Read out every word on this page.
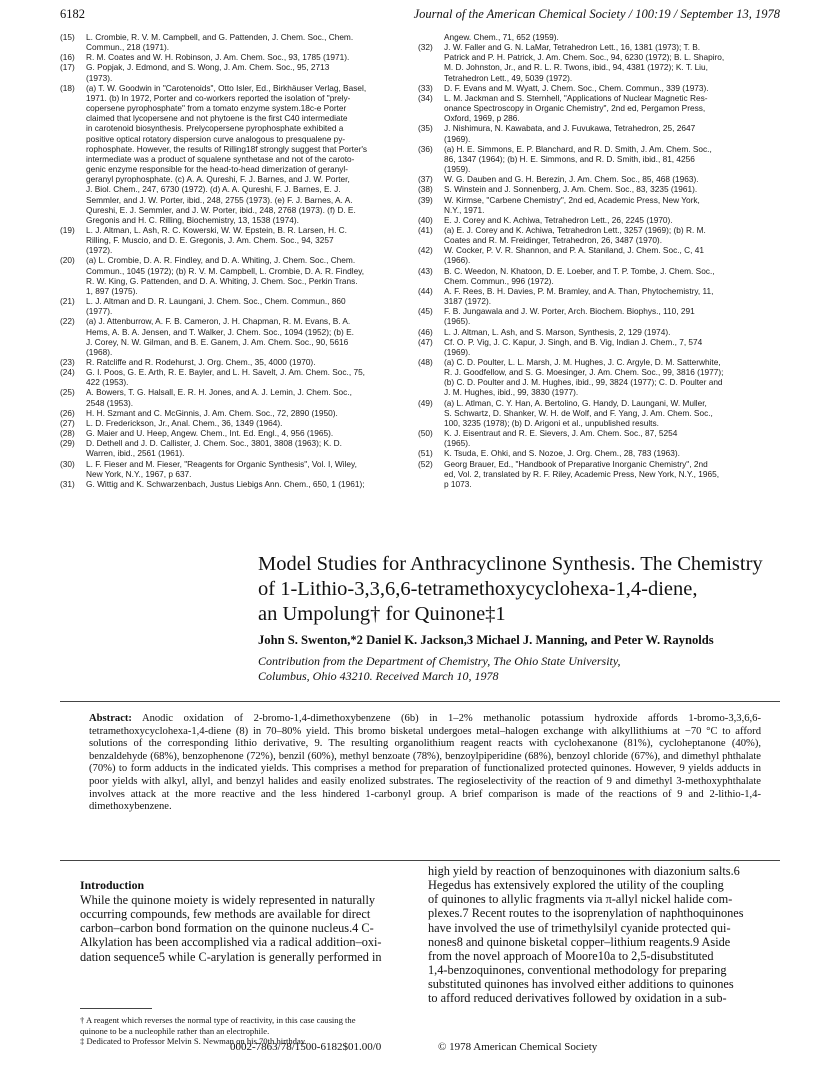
6182	Journal of the American Chemical Society / 100:19 / September 13, 1978

(15) L. Crombie, R. V. M. Campbell, and G. Pattenden, J. Chem. Soc., Chem.
Commun., 218 (1971).

(16) R. M. Coates and W. H. Robinson, J. Am. Chem. Soc., 93, 1785 (1971).

(17) G. Popjak, J. Edmond, and S. Wong, J. Am. Chem. Soc., 95, 2713
(1973).

(18) (a) T. W. Goodwin in "Carotenoids", Otto Isler, Ed., Birkhäuser Verlag, Basel,
1971. (b) In 1972, Porter and co-workers reported the isolation of "prely-
copersene pyrophosphate" from a tomato enzyme system.18c-e Porter
claimed that lycopersene and not phytoene is the first C40 intermediate
in carotenoid biosynthesis. Prelycopersene pyrophosphate exhibited a
positive optical rotatory dispersion curve analogous to presqualene py-
rophosphate. However, the results of Rilling18f strongly suggest that Porter's
intermediate was a product of squalene synthetase and not of the caroto-
genic enzyme responsible for the head-to-head dimerization of geranyl-
geranyl pyrophosphate. (c) A. A. Qureshi, F. J. Barnes, and J. W. Porter,
J. Biol. Chem., 247, 6730 (1972). (d) A. A. Qureshi, F. J. Barnes, E. J.
Semmler, and J. W. Porter, ibid., 248, 2755 (1973). (e) F. J. Barnes, A. A.
Qureshi, E. J. Semmler, and J. W. Porter, ibid., 248, 2768 (1973). (f) D. E.
Gregonis and H. C. Rilling, Biochemistry, 13, 1538 (1974).

(19) L. J. Altman, L. Ash, R. C. Kowerski, W. W. Epstein, B. R. Larsen, H. C.
Rilling, F. Muscio, and D. E. Gregonis, J. Am. Chem. Soc., 94, 3257
(1972).

(20) (a) L. Crombie, D. A. R. Findley, and D. A. Whiting, J. Chem. Soc., Chem.
Commun., 1045 (1972); (b) R. V. M. Campbell, L. Crombie, D. A. R. Findley,
R. W. King, G. Pattenden, and D. A. Whiting, J. Chem. Soc., Perkin Trans.
1, 897 (1975).

(21) L. J. Altman and D. R. Laungani, J. Chem. Soc., Chem. Commun., 860
(1977).

(22) (a) J. Attenburrow, A. F. B. Cameron, J. H. Chapman, R. M. Evans, B. A.
Hems, A. B. A. Jensen, and T. Walker, J. Chem. Soc., 1094 (1952); (b) E.
J. Corey, N. W. Gilman, and B. E. Ganem, J. Am. Chem. Soc., 90, 5616
(1968).

(23) R. Ratcliffe and R. Rodehurst, J. Org. Chem., 35, 4000 (1970).

(24) G. I. Poos, G. E. Arth, R. E. Bayler, and L. H. Savelt, J. Am. Chem. Soc., 75,
422 (1953).

(25) A. Bowers, T. G. Halsall, E. R. H. Jones, and A. J. Lemin, J. Chem. Soc.,
2548 (1953).

(26) H. H. Szmant and C. McGinnis, J. Am. Chem. Soc., 72, 2890 (1950).

(27) L. D. Frederickson, Jr., Anal. Chem., 36, 1349 (1964).

(28) G. Maier and U. Heep, Angew. Chem., Int. Ed. Engl., 4, 956 (1965).

(29) D. Dethell and J. D. Callister, J. Chem. Soc., 3801, 3808 (1963); K. D.
Warren, ibid., 2561 (1961).

(30) L. F. Fieser and M. Fieser, "Reagents for Organic Synthesis", Vol. I, Wiley,
New York, N.Y., 1967, p 637.

(31) G. Wittig and K. Schwarzenbach, Justus Liebigs Ann. Chem., 650, 1 (1961);

Angew. Chem., 71, 652 (1959).

(32) J. W. Faller and G. N. LaMar, Tetrahedron Lett., 16, 1381 (1973); T. B.
Patrick and P. H. Patrick, J. Am. Chem. Soc., 94, 6230 (1972); B. L. Shapiro,
M. D. Johnston, Jr., and R. L. R. Twons, ibid., 94, 4381 (1972); K. T. Liu,
Tetrahedron Lett., 49, 5039 (1972).

(33) D. F. Evans and M. Wyatt, J. Chem. Soc., Chem. Commun., 339 (1973).

(34) L. M. Jackman and S. Sternhell, "Applications of Nuclear Magnetic Res-
onance Spectroscopy in Organic Chemistry", 2nd ed, Pergamon Press,
Oxford, 1969, p 286.

(35) J. Nishimura, N. Kawabata, and J. Fuvukawa, Tetrahedron, 25, 2647
(1969).

(36) (a) H. E. Simmons, E. P. Blanchard, and R. D. Smith, J. Am. Chem. Soc.,
86, 1347 (1964); (b) H. E. Simmons, and R. D. Smith, ibid., 81, 4256
(1959).

(37) W. G. Dauben and G. H. Berezin, J. Am. Chem. Soc., 85, 468 (1963).

(38) S. Winstein and J. Sonnenberg, J. Am. Chem. Soc., 83, 3235 (1961).

(39) W. Kirmse, "Carbene Chemistry", 2nd ed, Academic Press, New York,
N.Y., 1971.

(40) E. J. Corey and K. Achiwa, Tetrahedron Lett., 26, 2245 (1970).

(41) (a) E. J. Corey and K. Achiwa, Tetrahedron Lett., 3257 (1969); (b) R. M.
Coates and R. M. Freidinger, Tetrahedron, 26, 3487 (1970).

(42) W. Cocker, P. V. R. Shannon, and P. A. Staniland, J. Chem. Soc., C, 41
(1966).

(43) B. C. Weedon, N. Khatoon, D. E. Loeber, and T. P. Tombe, J. Chem. Soc.,
Chem. Commun., 996 (1972).

(44) A. F. Rees, B. H. Davies, P. M. Bramley, and A. Than, Phytochemistry, 11,
3187 (1972).

(45) F. B. Jungawala and J. W. Porter, Arch. Biochem. Biophys., 110, 291
(1965).

(46) L. J. Altman, L. Ash, and S. Marson, Synthesis, 2, 129 (1974).

(47) Cf. O. P. Vig, J. C. Kapur, J. Singh, and B. Vig, Indian J. Chem., 7, 574
(1969).

(48) (a) C. D. Poulter, L. L. Marsh, J. M. Hughes, J. C. Argyle, D. M. Satterwhite,
R. J. Goodfellow, and S. G. Moesinger, J. Am. Chem. Soc., 99, 3816 (1977);
(b) C. D. Poulter and J. M. Hughes, ibid., 99, 3824 (1977); C. D. Poulter and
J. M. Hughes, ibid., 99, 3830 (1977).

(49) (a) L. Atlman, C. Y. Han, A. Bertolino, G. Handy, D. Laungani, W. Muller,
S. Schwartz, D. Shanker, W. H. de Wolf, and F. Yang, J. Am. Chem. Soc.,
100, 3235 (1978); (b) D. Arigoni et al., unpublished results.

(50) K. J. Eisentraut and R. E. Sievers, J. Am. Chem. Soc., 87, 5254
(1965).

(51) K. Tsuda, E. Ohki, and S. Nozoe, J. Org. Chem., 28, 783 (1963).

(52) Georg Brauer, Ed., "Handbook of Preparative Inorganic Chemistry", 2nd
ed, Vol. 2, translated by R. F. Riley, Academic Press, New York, N.Y., 1965,
p 1073.

Model Studies for Anthracyclinone Synthesis. The Chemistry
of 1-Lithio-3,3,6,6-tetramethoxycyclohexa-1,4-diene,
an Umpolung† for Quinone‡1
John S. Swenton,*2 Daniel K. Jackson,3 Michael J. Manning, and Peter W. Raynolds
Contribution from the Department of Chemistry, The Ohio State University,
Columbus, Ohio 43210. Received March 10, 1978
Abstract: Anodic oxidation of 2-bromo-1,4-dimethoxybenzene (6b) in 1–2% methanolic potassium hydroxide affords 1-bromo-3,3,6,6-tetramethoxycyclohexa-1,4-diene (8) in 70–80% yield. This bromo bisketal undergoes metal–halogen exchange with alkyllithiums at −70 °C to afford solutions of the corresponding lithio derivative, 9. The resulting organolithium reagent reacts with cyclohexanone (81%), cycloheptanone (40%), benzaldehyde (68%), benzophenone (72%), benzil (60%), methyl benzoate (78%), benzoylpiperidine (68%), benzoyl chloride (67%), and dimethyl phthalate (70%) to form adducts in the indicated yields. This comprises a method for preparation of functionalized protected quinones. However, 9 yields adducts in poor yields with alkyl, allyl, and benzyl halides and easily enolized substrates. The regioselectivity of the reaction of 9 and dimethyl 3-methoxyphthalate involves attack at the more reactive and the less hindered 1-carbonyl group. A brief comparison is made of the reactions of 9 and 2-lithio-1,4-dimethoxybenzene.
Introduction
While the quinone moiety is widely represented in naturally
occurring compounds, few methods are available for direct
carbon–carbon bond formation on the quinone nucleus.4 C-
Alkylation has been accomplished via a radical addition–oxi-
dation sequence5 while C-arylation is generally performed in
high yield by reaction of benzoquinones with diazonium salts.6
Hegedus has extensively explored the utility of the coupling
of quinones to allylic fragments via π-allyl nickel halide com-
plexes.7 Recent routes to the isoprenylation of naphthoquinones
have involved the use of trimethylsilyl cyanide protected qui-
nones8 and quinone bisketal copper–lithium reagents.9 Aside
from the novel approach of Moore10a to 2,5-disubstituted
1,4-benzoquinones, conventional methodology for preparing
substituted quinones has involved either additions to quinones
to afford reduced derivatives followed by oxidation in a sub-

† A reagent which reverses the normal type of reactivity, in this case causing the

quinone to be a nucleophile rather than an electrophile.

‡ Dedicated to Professor Melvin S. Newman on his 70th birthday.

0002-7863/78/1500-6182$01.00/0	© 1978 American Chemical Society
